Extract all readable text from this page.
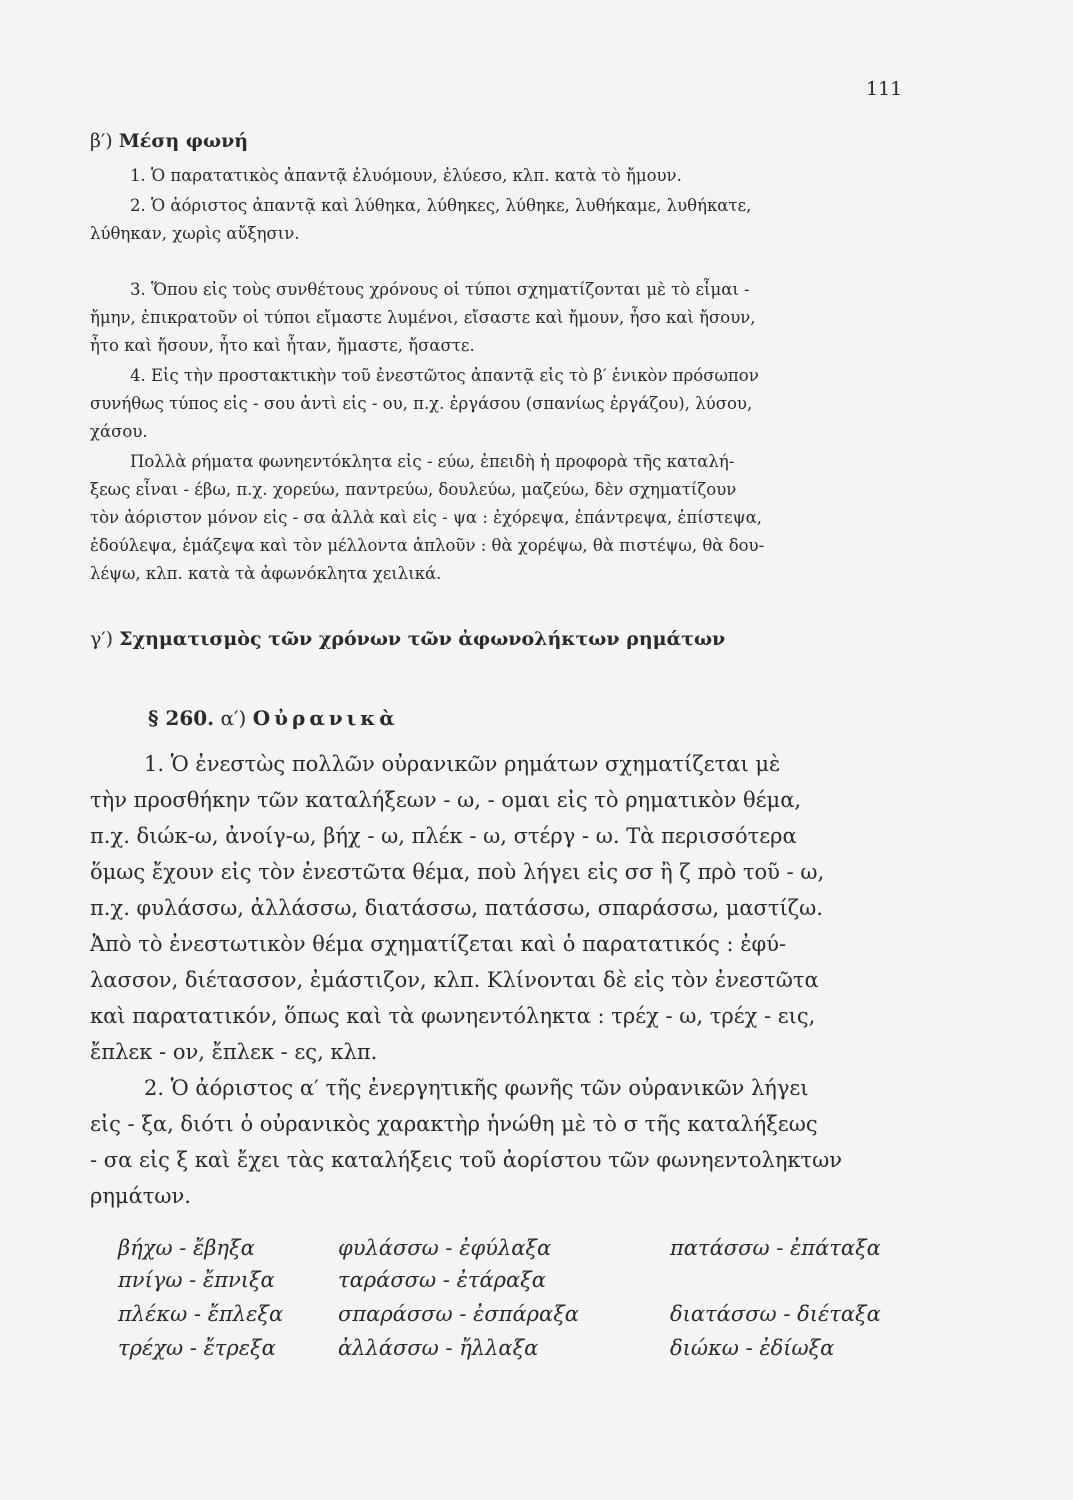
111
β′) Μέση φωνή
1. Ὁ παρατατικὸς ἀπαντᾷ ἐλυόμουν, ἐλύεσο, κλπ. κατὰ τὸ ἤμουν.
2. Ὁ ἀόριστος ἀπαντᾷ καὶ λύθηκα, λύθηκες, λύθηκε, λυθήκαμε, λυθήκατε,
λύθηκαν, χωρὶς αὔξησιν.
3. Ὅπου εἰς τοὺς συνθέτους χρόνους οἱ τύποι σχηματίζονται μὲ τὸ εἶμαι -
ἤμην, ἐπικρατοῦν οἱ τύποι εἴμαστε λυμένοι, εἴσαστε καὶ ἤμουν, ἦσο καὶ ἤσουν,
ἦτο καὶ ἤσουν, ἦτο καὶ ἦταν, ἤμαστε, ἤσαστε.
4. Εἰς τὴν προστακτικὴν τοῦ ἐνεστῶτος ἀπαντᾷ εἰς τὸ β′ ἑνικὸν πρόσωπον
συνήθως τύπος εἰς - σου ἀντὶ εἰς - ου, π.χ. ἐργάσου (σπανίως ἐργάζου), λύσου,
χάσου.
Πολλὰ ρήματα φωνηεντόκλητα εἰς - εύω, ἐπειδὴ ἡ προφορὰ τῆς καταλή-
ξεως εἶναι - έβω, π.χ. χορεύω, παντρεύω, δουλεύω, μαζεύω, δὲν σχηματίζουν
τὸν ἀόριστον μόνον εἰς - σα ἀλλὰ καὶ εἰς - ψα : ἐχόρεψα, ἐπάντρεψα, ἐπίστεψα,
ἐδούλεψα, ἐμάζεψα καὶ τὸν μέλλοντα ἁπλοῦν : θὰ χορέψω, θὰ πιστέψω, θὰ δου-
λέψω, κλπ. κατὰ τὰ ἀφωνόκλητα χειλικά.
γ′) Σχηματισμὸς τῶν χρόνων τῶν ἀφωνολήκτων ρημάτων
§ 260. α′) Οὐρανικὰ
1. Ὁ ἐνεστὼς πολλῶν οὐρανικῶν ρημάτων σχηματίζεται μὲ
τὴν προσθήκην τῶν καταλήξεων - ω, - ομαι εἰς τὸ ρηματικὸν θέμα,
π.χ. διώκ-ω, ἀνοίγ-ω, βήχ - ω, πλέκ - ω, στέργ - ω. Τὰ περισσότερα
ὅμως ἔχουν εἰς τὸν ἐνεστῶτα θέμα, ποὺ λήγει εἰς σσ ἢ ζ πρὸ τοῦ - ω,
π.χ. φυλάσσω, ἀλλάσσω, διατάσσω, πατάσσω, σπαράσσω, μαστίζω.
Ἀπὸ τὸ ἐνεστωτικὸν θέμα σχηματίζεται καὶ ὁ παρατατικός : ἐφύ-
λασσον, διέτασσον, ἐμάστιζον, κλπ. Κλίνονται δὲ εἰς τὸν ἐνεστῶτα
καὶ παρατατικόν, ὅπως καὶ τὰ φωνηεντόληκτα : τρέχ - ω, τρέχ - εις,
ἔπλεκ - ον, ἔπλεκ - ες, κλπ.
2. Ὁ ἀόριστος α′ τῆς ἐνεργητικῆς φωνῆς τῶν οὐρανικῶν λήγει
εἰς - ξα, διότι ὁ οὐρανικὸς χαρακτὴρ ἡνώθη μὲ τὸ σ τῆς καταλήξεως
- σα εἰς ξ καὶ ἔχει τὰς καταλήξεις τοῦ ἀορίστου τῶν φωνηεντοληκτων
ρημάτων.
βήχω - ἔβηξα	φυλάσσω - ἐφύλαξα	πατάσσω - ἐπάταξα
πνίγω - ἔπνιξα	ταράσσω - ἐτάραξα
πλέκω - ἔπλεξα	σπαράσσω - ἐσπάραξα	διατάσσω - διέταξα
τρέχω - ἔτρεξα	ἀλλάσσω - ἤλλαξα	διώκω - ἐδίωξα
